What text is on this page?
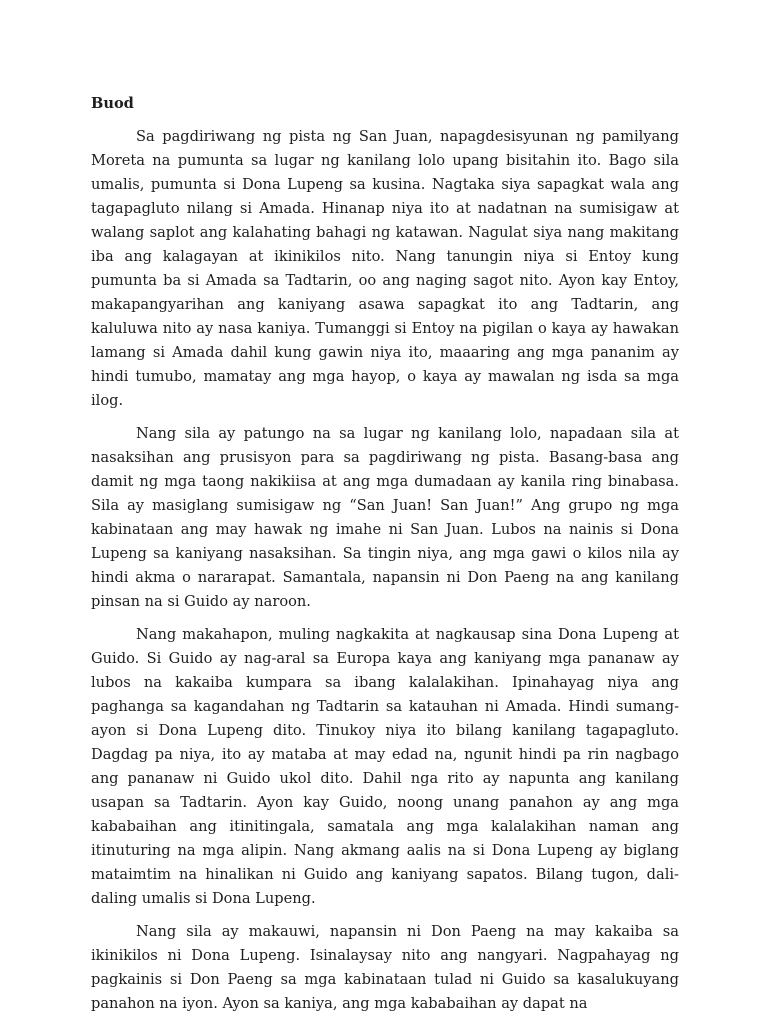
Buod

Sa pagdiriwang ng pista ng San Juan, napagdesisyunan ng pamilyang Moreta na pumunta sa lugar ng kanilang lolo upang bisitahin ito. Bago sila umalis, pumunta si Dona Lupeng sa kusina. Nagtaka siya sapagkat wala ang tagapagluto nilang si Amada. Hinanap niya ito at nadatnan na sumisigaw at walang saplot ang kalahating bahagi ng katawan. Nagulat siya nang makitang iba ang kalagayan at ikinikilos nito. Nang tanungin niya si Entoy kung pumunta ba si Amada sa Tadtarin, oo ang naging sagot nito. Ayon kay Entoy, makapangyarihan ang kaniyang asawa sapagkat ito ang Tadtarin, ang kaluluwa nito ay nasa kaniya. Tumanggi si Entoy na pigilan o kaya ay hawakan lamang si Amada dahil kung gawin niya ito, maaaring ang mga pananim ay hindi tumubo, mamatay ang mga hayop, o kaya ay mawalan ng isda sa mga ilog.

Nang sila ay patungo na sa lugar ng kanilang lolo, napadaan sila at nasaksihan ang prusisyon para sa pagdiriwang ng pista. Basang-basa ang damit ng mga taong nakikiisa at ang mga dumadaan ay kanila ring binabasa. Sila ay masiglang sumisigaw ng “San Juan! San Juan!” Ang grupo ng mga kabinataan ang may hawak ng imahe ni San Juan. Lubos na nainis si Dona Lupeng sa kaniyang nasaksihan. Sa tingin niya, ang mga gawi o kilos nila ay hindi akma o nararapat. Samantala, napansin ni Don Paeng na ang kanilang pinsan na si Guido ay naroon.

Nang makahapon, muling nagkakita at nagkausap sina Dona Lupeng at Guido. Si Guido ay nag-aral sa Europa kaya ang kaniyang mga pananaw ay lubos na kakaiba kumpara sa ibang kalalakihan. Ipinahayag niya ang paghanga sa kagandahan ng Tadtarin sa katauhan ni Amada. Hindi sumang-ayon si Dona Lupeng dito. Tinukoy niya ito bilang kanilang tagapagluto. Dagdag pa niya, ito ay mataba at may edad na, ngunit hindi pa rin nagbago ang pananaw ni Guido ukol dito. Dahil nga rito ay napunta ang kanilang usapan sa Tadtarin. Ayon kay Guido, noong unang panahon ay ang mga kababaihan ang itinitingala, samatala ang mga kalalakihan naman ang itinuturing na mga alipin. Nang akmang aalis na si Dona Lupeng ay biglang mataimtim na hinalikan ni Guido ang kaniyang sapatos. Bilang tugon, dali-daling umalis si Dona Lupeng.

Nang sila ay makauwi, napansin ni Don Paeng na may kakaiba sa ikinikilos ni Dona Lupeng. Isinalaysay nito ang nangyari. Nagpahayag ng pagkainis si Don Paeng sa mga kabinataan tulad ni Guido sa kasalukuyang panahon na iyon. Ayon sa kaniya, ang mga kababaihan ay dapat na
